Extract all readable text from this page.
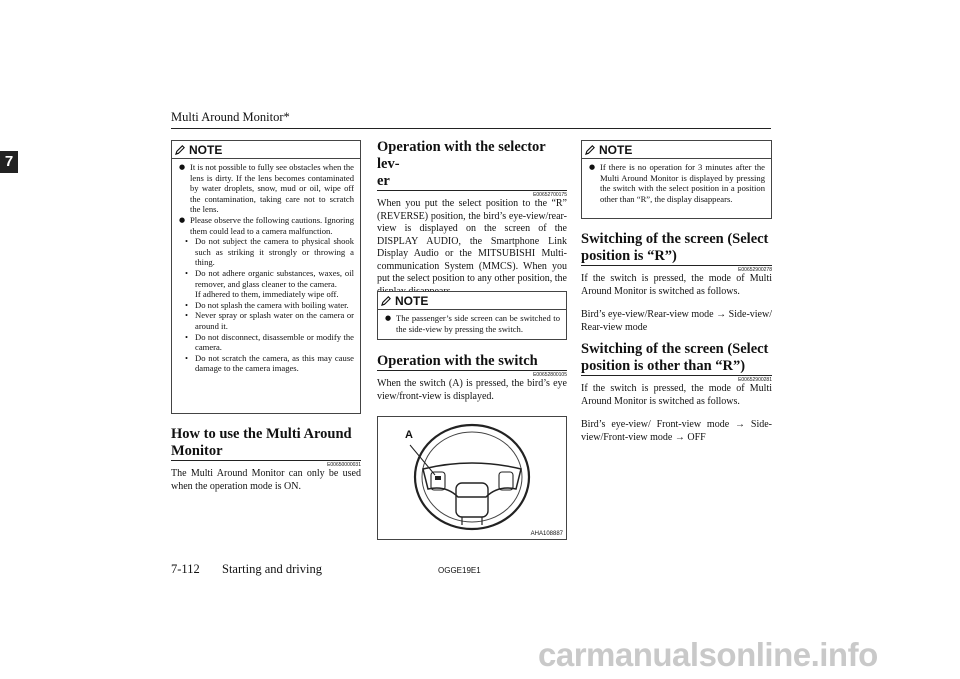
Multi Around Monitor*
7
NOTE

● It is not possible to fully see obstacles when the lens is dirty. If the lens becomes contaminated by water droplets, snow, mud or oil, wipe off the contamination, taking care not to scratch the lens.

● Please observe the following cautions. Ignoring them could lead to a camera malfunction.

• Do not subject the camera to physical shook such as striking it strongly or throwing a thing.

• Do not adhere organic substances, waxes, oil remover, and glass cleaner to the camera.

If adhered to them, immediately wipe off.

• Do not splash the camera with boiling water.

• Never spray or splash water on the camera or around it.

• Do not disconnect, disassemble or modify the camera.

• Do not scratch the camera, as this may cause damage to the camera images.

How to use the Multi Around
Monitor
E00650000031
The Multi Around Monitor can only be used when the operation mode is ON.
Operation with the selector lev-
er
E00652700175
When you put the select position to the “R” (REVERSE) position, the bird’s eye-view/rear-view is displayed on the screen of the DISPLAY AUDIO, the Smartphone Link Display Audio or the MITSUBISHI Multi-communication System (MMCS). When you put the select position to any other position, the
NOTE

● The passenger’s side screen can be switched to the side-view by pressing the switch.

Operation with the switch
E00652800105
When the switch (A) is pressed, the bird’s eye view/front-view is displayed.
A
AHA108887
NOTE

● If there is no operation for 3 minutes after the Multi Around Monitor is displayed by pressing the switch with the select position in a position other than “R”, the display disappears.

Switching of the screen (Select
position is “R”)
E00652900278
If the switch is pressed, the mode of Multi Around Monitor is switched as follows.
Bird’s eye-view/Rear-view mode → Side-view/ Rear-view mode
Switching of the screen (Select
position is other than “R”)
E00652900281
If the switch is pressed, the mode of Multi Around Monitor is switched as follows.
Bird’s eye-view/ Front-view mode → Side-view/Front-view mode → OFF
7-112 Starting and driving	OGGE19E1
carmanualsonline.info
